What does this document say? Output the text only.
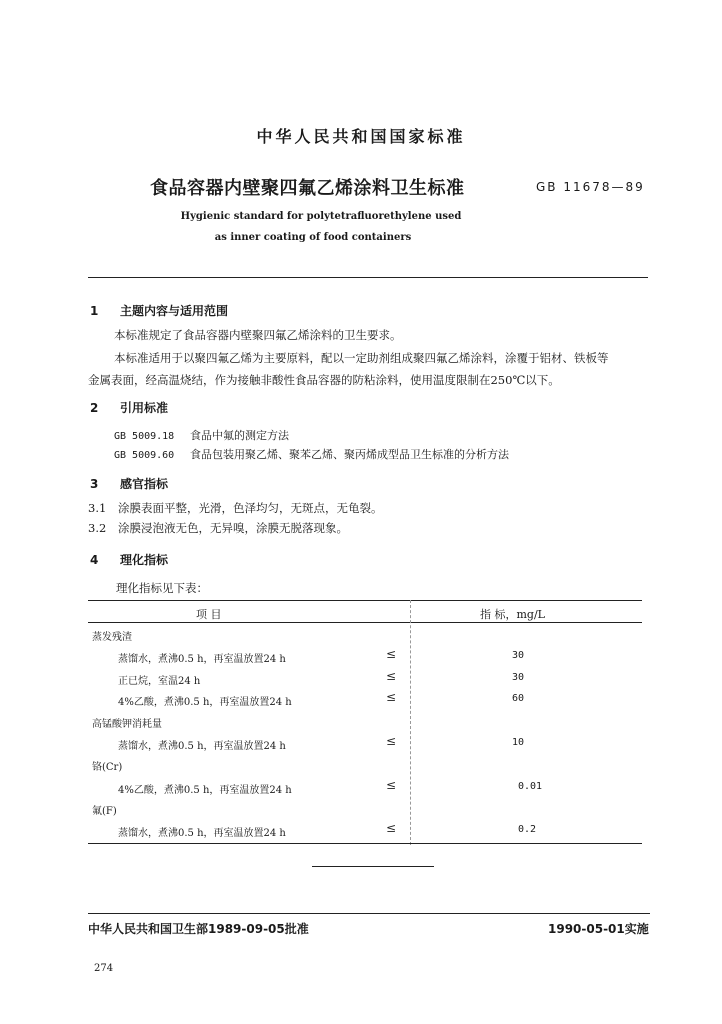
中华人民共和国国家标准
食品容器内壁聚四氟乙烯涂料卫生标准	GB 11678—89
Hygienic standard for polytetrafluorethylene used
as inner coating of food containers
1 主题内容与适用范围
本标准规定了食品容器内壁聚四氟乙烯涂料的卫生要求。
本标准适用于以聚四氟乙烯为主要原料，配以一定助剂组成聚四氟乙烯涂料，涂覆于铝材、铁板等
金属表面，经高温烧结，作为接触非酸性食品容器的防粘涂料，使用温度限制在250℃以下。
2 引用标准
GB 5009.18 食品中氟的测定方法
GB 5009.60 食品包装用聚乙烯、聚苯乙烯、聚丙烯成型品卫生标准的分析方法
3 感官指标
3.1 涂膜表面平整，光滑，色泽均匀，无斑点，无龟裂。
3.2 涂膜浸泡液无色，无异嗅，涂膜无脱落现象。
4 理化指标
理化指标见下表：
项 目	指 标，mg/L
蒸发残渣
蒸馏水，煮沸0.5 h，再室温放置24 h	≤	30
正已烷，室温24 h	≤	30
4%乙酸，煮沸0.5 h，再室温放置24 h	≤	60
高锰酸钾消耗量
蒸馏水，煮沸0.5 h，再室温放置24 h	≤	10
铬(Cr)
4%乙酸，煮沸0.5 h，再室温放置24 h	≤	0.01
氟(F)
蒸馏水，煮沸0.5 h，再室温放置24 h	≤	0.2
中华人民共和国卫生部1989-09-05批准	1990-05-01实施
274
